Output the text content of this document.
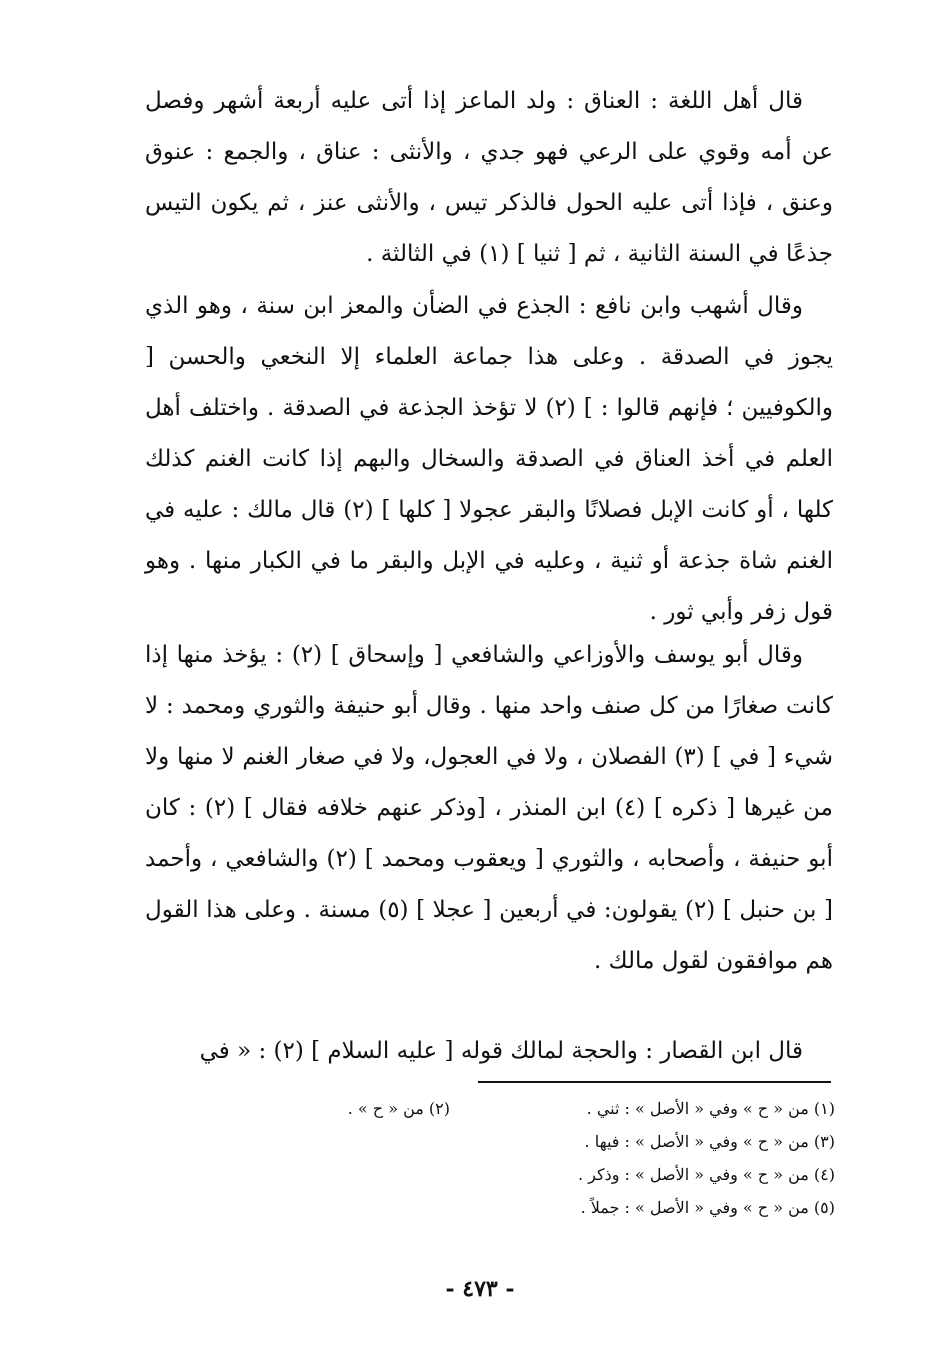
قال أهل اللغة : العناق : ولد الماعز إذا أتى عليه أربعة أشهر وفصل عن أمه وقوي على الرعي فهو جدي ، والأنثى : عناق ، والجمع : عنوق وعنق ، فإذا أتى عليه الحول فالذكر تيس ، والأنثى عنز ، ثم يكون التيس جذعًا في السنة الثانية ، ثم [ ثنيا ] (١) في الثالثة .

وقال أشهب وابن نافع : الجذع في الضأن والمعز ابن سنة ، وهو الذي يجوز في الصدقة . وعلى هذا جماعة العلماء إلا النخعي والحسن [ والكوفيين ؛ فإنهم قالوا : ] (٢) لا تؤخذ الجذعة في الصدقة . واختلف أهل العلم في أخذ العناق في الصدقة والسخال والبهم إذا كانت الغنم كذلك كلها ، أو كانت الإبل فصلانًا والبقر عجولا [ كلها ] (٢) قال مالك : عليه في الغنم شاة جذعة أو ثنية ، وعليه في الإبل والبقر ما في الكبار منها . وهو قول زفر وأبي ثور .

وقال أبو يوسف والأوزاعي والشافعي [ وإسحاق ] (٢) : يؤخذ منها إذا كانت صغارًا من كل صنف واحد منها . وقال أبو حنيفة والثوري ومحمد : لا شيء [ في ] (٣) الفصلان ، ولا في العجول، ولا في صغار الغنم لا منها ولا من غيرها [ ذكره ] (٤) ابن المنذر ، [وذكر عنهم خلافه فقال ] (٢) : كان أبو حنيفة ، وأصحابه ، والثوري [ ويعقوب ومحمد ] (٢) والشافعي ، وأحمد [ بن حنبل ] (٢) يقولون: في أربعين [ عجلا ] (٥) مسنة . وعلى هذا القول هم موافقون لقول مالك .

قال ابن القصار : والحجة لمالك قوله [ عليه السلام ] (٢) : « في

(١) من « ح » وفي « الأصل » : ثني .
(٣) من « ح » وفي « الأصل » : فيها .
(٤) من « ح » وفي « الأصل » : وذكر .
(٥) من « ح » وفي « الأصل » : جملاً .
(٢) من « ح » .
- ٤٧٣ -
